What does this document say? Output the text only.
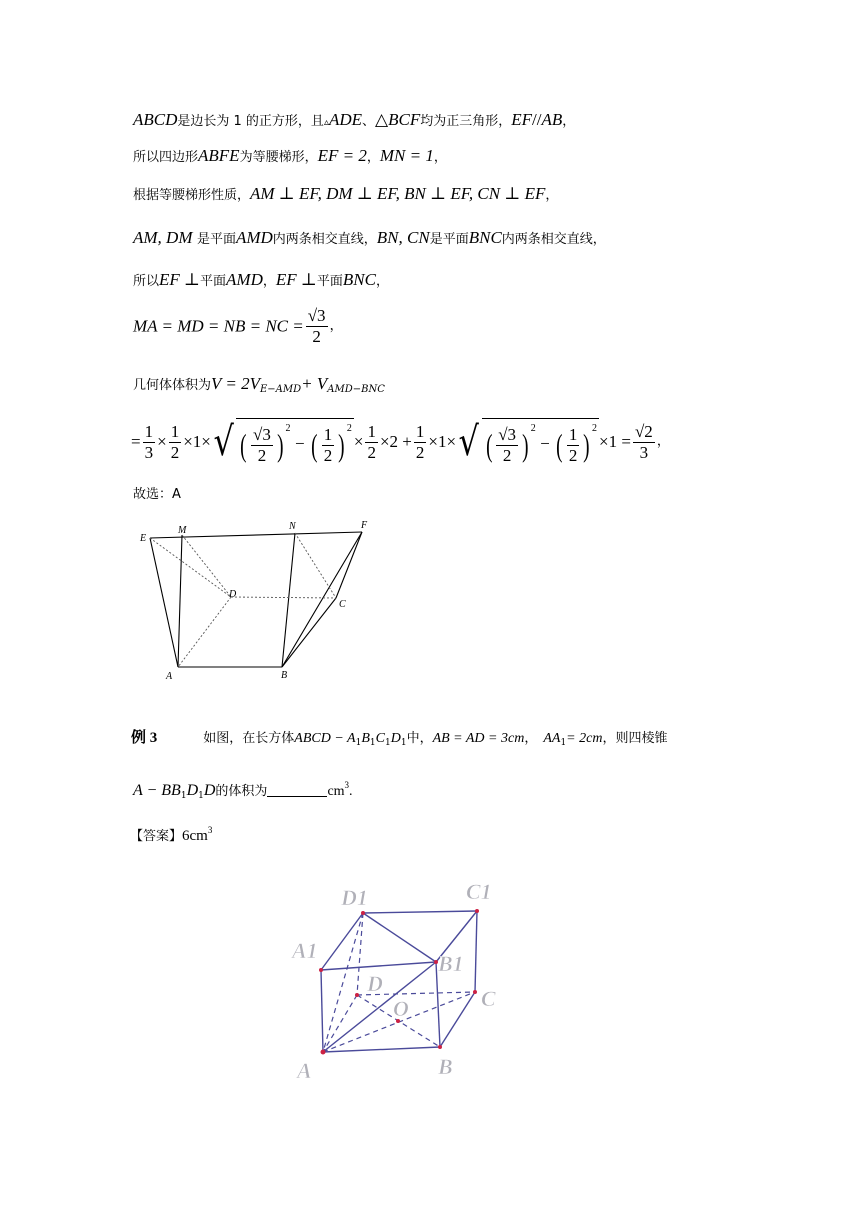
ABCD是边长为 1 的正方形，且▵ADE、△BCF均为正三角形，EF//AB，
所以四边形ABFE为等腰梯形，EF = 2，MN = 1，
根据等腰梯形性质，AM ⊥ EF, DM ⊥ EF, BN ⊥ EF, CN ⊥ EF，
AM, DM 是平面AMD内两条相交直线，BN, CN是平面BNC内两条相交直线，
所以EF ⊥平面AMD，EF ⊥平面BNC，
MA = MD = NB = NC = $\frac{√3}{2}$ ，
几何体体积为$V = 2V_{E-AMD}+ V_{AMD-BNC}$
= $\frac{1}{3} \times \frac{1}{2} \times 1\times$ √ ( $\frac{√3}{2}$ ) $^2$ − ( $\frac{1}{2}$ ) $^2$
× $\frac{1}{2} \times 2 + \frac{1}{2} \times 1\times$ √ ( $\frac{√3}{2}$ ) $^2$ − ( $\frac{1}{2}$ ) $^2$
$\times 1 = \frac{√2}{3}$ ，
故选：A
E
M	N	F
D
C
A	B
例 3	如图，在长方体ABCD − $A_1B_1C_1D_1$中，AB = AD = 3cm， $AA_1= 2cm$，则四棱锥
$A - BB_1D_1D$的体积为	$cm^3$.
【答案】$6cm^3$
D1	C1
A1
B1
D
O	C
A	B
